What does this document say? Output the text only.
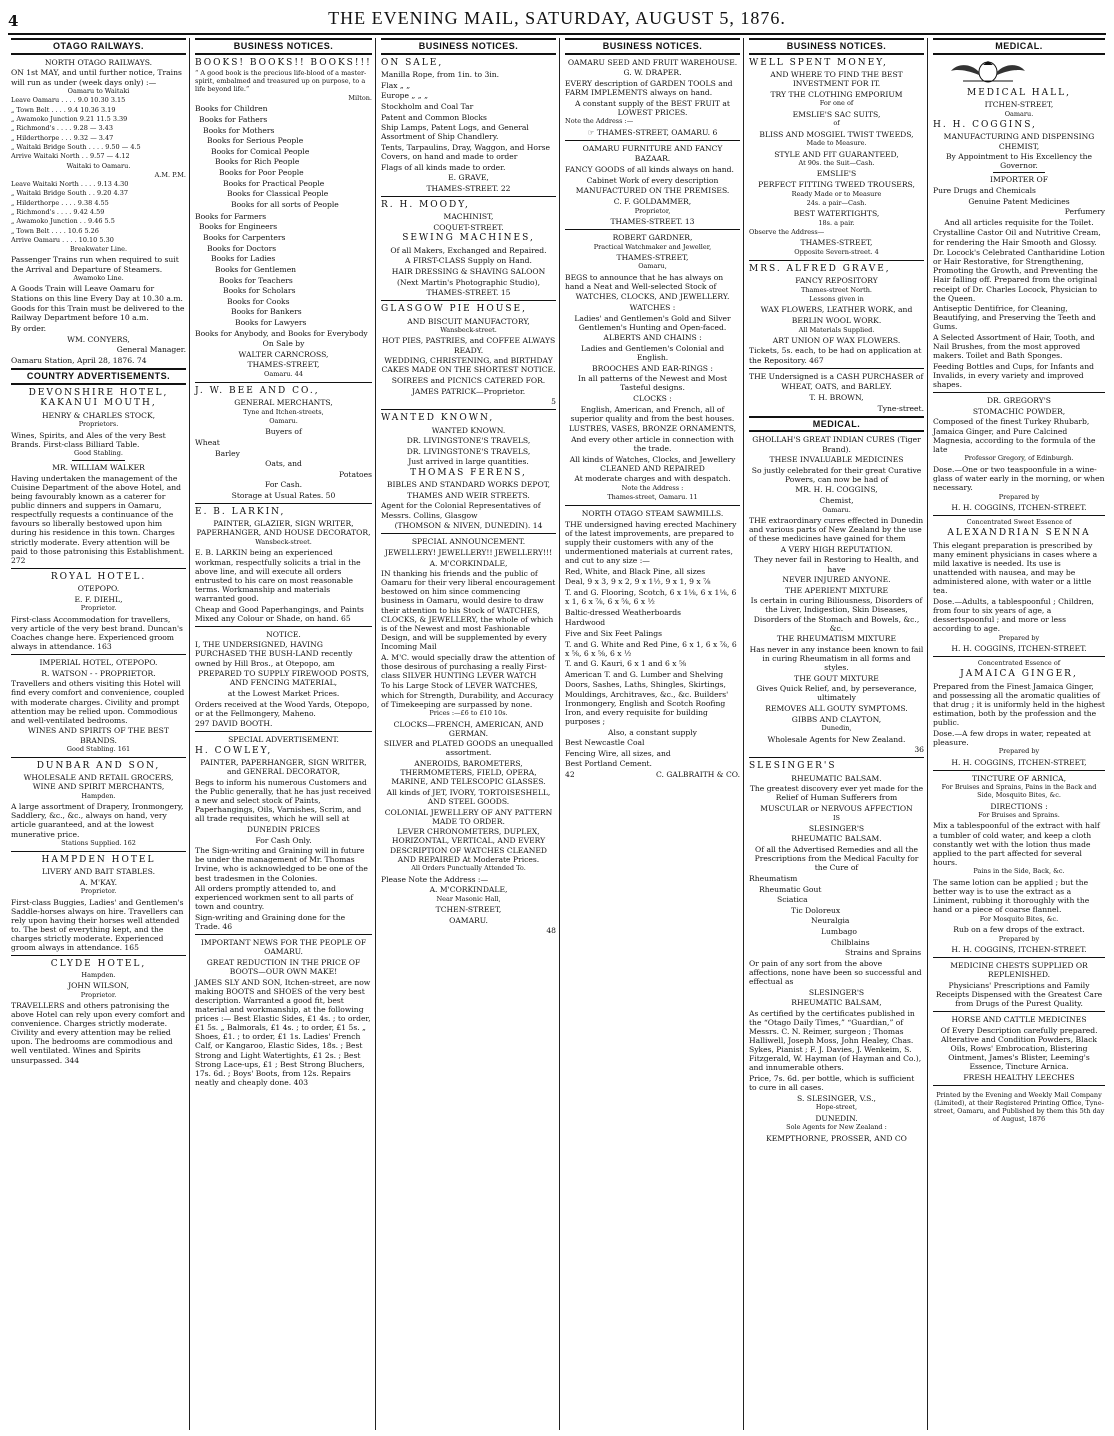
4	THE EVENING MAIL, SATURDAY, AUGUST 5, 1876.
OTAGO RAILWAYS.

NORTH OTAGO RAILWAYS.

ON 1st MAY, and until further notice, Trains will run as under (week days only) :—

Oamaru to Waitaki

Leave Oamaru . . . . 9.0 10.30 3.15

„ Town Belt . . . . 9.4 10.36 3.19

„ Awamoko Junction 9.21 11.5 3.39

„ Richmond's . . . . 9.28 — 3.43

„ Hilderthorpe . . . 9.32 — 3.47

„ Waitaki Bridge South . . . . 9.50 — 4.5

Arrive Waitaki North . . 9.57 — 4.12

Waitaki to Oamaru.

A.M. P.M.

Leave Waitaki North . . . . 9.13 4.30

„ Waitaki Bridge South . . 9.20 4.37

„ Hilderthorpe . . . . 9.38 4.55

„ Richmond's . . . . 9.42 4.59

„ Awamoko Junction . . 9.46 5.5

„ Town Belt . . . . 10.6 5.26

Arrive Oamaru . . . . 10.10 5.30

Breakwater Line.

Passenger Trains run when required to suit the Arrival and Departure of Steamers.

Awamoko Line.

A Goods Train will Leave Oamaru for Stations on this line Every Day at 10.30 a.m.

Goods for this Train must be delivered to the Railway Department before 10 a.m.

By order.

WM. CONYERS,

General Manager.

Oamaru Station, April 28, 1876. 74

COUNTRY ADVERTISEMENTS.

DEVONSHIRE HOTEL, KAKANUI MOUTH,

HENRY & CHARLES STOCK,

Proprietors.

Wines, Spirits, and Ales of the very Best Brands. First-class Billiard Table.

Good Stabling.

MR. WILLIAM WALKER

Having undertaken the management of the Cuisine Department of the above Hotel, and being favourably known as a caterer for public dinners and suppers in Oamaru, respectfully requests a continuance of the favours so liberally bestowed upon him during his residence in this town. Charges strictly moderate. Every attention will be paid to those patronising this Establishment. 272

ROYAL HOTEL.

OTEPOPO.

E. F. DIEHL,

Proprietor.

First-class Accommodation for travellers, very article of the very best brand. Duncan's Coaches change here. Experienced groom always in attendance. 163

IMPERIAL HOTEL, OTEPOPO.

R. WATSON - - PROPRIETOR.

Travellers and others visiting this Hotel will find every comfort and convenience, coupled with moderate charges. Civility and prompt attention may be relied upon. Commodious and well-ventilated bedrooms.

WINES AND SPIRITS OF THE BEST BRANDS.

Good Stabling. 161

DUNBAR AND SON,

WHOLESALE AND RETAIL GROCERS, WINE AND SPIRIT MERCHANTS,

Hampden.

A large assortment of Drapery, Ironmongery, Saddlery, &c., &c., always on hand, very article guaranteed, and at the lowest munerative price.

Stations Supplied. 162

HAMPDEN HOTEL

LIVERY AND BAIT STABLES.

A. M'KAY.

Proprietor.

First-class Buggies, Ladies' and Gentlemen's Saddle-horses always on hire. Travellers can rely upon having their horses well attended to. The best of everything kept, and the charges strictly moderate. Experienced groom always in attendance. 165

CLYDE HOTEL,

Hampden.

JOHN WILSON,

Proprietor.

TRAVELLERS and others patronising the above Hotel can rely upon every comfort and convenience. Charges strictly moderate. Civility and every attention may be relied upon. The bedrooms are commodious and well ventilated. Wines and Spirits unsurpassed. 344

BUSINESS NOTICES.

BOOKS! BOOKS!! BOOKS!!!

“ A good book is the precious life-blood of a master-spirit, embalmed and treasured up on purpose, to a life beyond life.”

Milton.

Books for Children

Books for Fathers

Books for Mothers

Books for Serious People

Books for Comical People

Books for Rich People

Books for Poor People

Books for Practical People

Books for Classical People

Books for all sorts of People

Books for Farmers

Books for Engineers

Books for Carpenters

Books for Doctors

Books for Ladies

Books for Gentlemen

Books for Teachers

Books for Scholars

Books for Cooks

Books for Bankers

Books for Lawyers

Books for Anybody, and Books for Everybody

On Sale by

WALTER CARNCROSS,

THAMES-STREET,

Oamaru. 44

J. W. BEE AND CO.,

GENERAL MERCHANTS,

Tyne and Itchen-streets,

Oamaru.

Buyers of

Wheat

Barley

Oats, and

Potatoes

For Cash.

Storage at Usual Rates. 50

E. B. LARKIN,

PAINTER, GLAZIER, SIGN WRITER, PAPERHANGER, AND HOUSE DECORATOR,

Wansbeck-street.

E. B. LARKIN being an experienced workman, respectfully solicits a trial in the above line, and will execute all orders entrusted to his care on most reasonable terms. Workmanship and materials warranted good.

Cheap and Good Paperhangings, and Paints Mixed any Colour or Shade, on hand. 65

NOTICE.

I, THE UNDERSIGNED, HAVING PURCHASED THE BUSH-LAND recently owned by Hill Bros., at Otepopo, am

PREPARED TO SUPPLY FIREWOOD POSTS, AND FENCING MATERIAL,

at the Lowest Market Prices.

Orders received at the Wood Yards, Otepopo, or at the Fellmongery, Maheno.

297 DAVID BOOTH.

SPECIAL ADVERTISEMENT.

H. COWLEY,

PAINTER, PAPERHANGER, SIGN WRITER, and GENERAL DECORATOR,

Begs to inform his numerous Customers and the Public generally, that he has just received a new and select stock of Paints, Paperhangings, Oils, Varnishes, Scrim, and all trade requisites, which he will sell at

DUNEDIN PRICES

For Cash Only.

The Sign-writing and Graining will in future be under the management of Mr. Thomas Irvine, who is acknowledged to be one of the best tradesmen in the Colonies.

All orders promptly attended to, and experienced workmen sent to all parts of town and country.

Sign-writing and Graining done for the Trade. 46

IMPORTANT NEWS FOR THE PEOPLE OF OAMARU.

GREAT REDUCTION IN THE PRICE OF BOOTS—OUR OWN MAKE!

JAMES SLY AND SON, Itchen-street, are now making BOOTS and SHOES of the very best description. Warranted a good fit, best material and workmanship, at the following prices :— Best Elastic Sides, £1 4s. ; to order, £1 5s. „ Balmorals, £1 4s. ; to order, £1 5s. „ Shoes, £1. ; to order, £1 1s. Ladies' French Calf, or Kangaroo, Elastic Sides, 18s. ; Best Strong and Light Watertights, £1 2s. ; Best Strong Lace-ups, £1 ; Best Strong Bluchers, 17s. 6d. ; Boys' Boots, from 12s. Repairs neatly and cheaply done. 403

BUSINESS NOTICES.

ON SALE,

Manilla Rope, from 1in. to 3in.

Flax „ „

Europe „ „ „

Stockholm and Coal Tar

Patent and Common Blocks

Ship Lamps, Patent Logs, and General Assortment of Ship Chandlery.

Tents, Tarpaulins, Dray, Waggon, and Horse Covers, on hand and made to order

Flags of all kinds made to order.

E. GRAVE,

THAMES-STREET. 22

R. H. MOODY,

MACHINIST,

COQUET-STREET.

SEWING MACHINES,

Of all Makers, Exchanged and Repaired.

A FIRST-CLASS Supply on Hand.

HAIR DRESSING & SHAVING SALOON

(Next Martin's Photographic Studio),

THAMES-STREET. 15

GLASGOW PIE HOUSE,

AND BISCUIT MANUFACTORY,

Wansbeck-street.

HOT PIES, PASTRIES, and COFFEE ALWAYS READY.

WEDDING, CHRISTENING, and BIRTHDAY CAKES MADE ON THE SHORTEST NOTICE.

SOIREES and PICNICS CATERED FOR.

JAMES PATRICK—Proprietor.

5

WANTED KNOWN,

WANTED KNOWN.

DR. LIVINGSTONE'S TRAVELS,

DR. LIVINGSTONE'S TRAVELS,

Just arrived in large quantities.

THOMAS FERENS,

BIBLES AND STANDARD WORKS DEPOT,

THAMES AND WEIR STREETS.

Agent for the Colonial Representatives of Messrs. Collins, Glasgow

(THOMSON & NIVEN, DUNEDIN). 14

SPECIAL ANNOUNCEMENT.

JEWELLERY! JEWELLERY!! JEWELLERY!!!

A. M'CORKINDALE,

IN thanking his friends and the public of Oamaru for their very liberal encouragement bestowed on him since commencing business in Oamaru, would desire to draw their attention to his Stock of WATCHES, CLOCKS, & JEWELLERY, the whole of which is of the Newest and most Fashionable Design, and will be supplemented by every Incoming Mail

A. M'C. would specially draw the attention of those desirous of purchasing a really First-class SILVER HUNTING LEVER WATCH

To his Large Stock of LEVER WATCHES, which for Strength, Durability, and Accuracy of Timekeeping are surpassed by none.

Prices :—£6 to £10 10s.

CLOCKS—FRENCH, AMERICAN, AND GERMAN.

SILVER and PLATED GOODS an unequalled assortment.

ANEROIDS, BAROMETERS, THERMOMETERS, FIELD, OPERA, MARINE, AND TELESCOPIC GLASSES.

All kinds of JET, IVORY, TORTOISESHELL, AND STEEL GOODS.

COLONIAL JEWELLERY OF ANY PATTERN MADE TO ORDER.

LEVER CHRONOMETERS, DUPLEX, HORIZONTAL, VERTICAL, AND EVERY DESCRIPTION OF WATCHES CLEANED AND REPAIRED At Moderate Prices.

All Orders Punctually Attended To.

Please Note the Address :—

A. M'CORKINDALE,

Near Masonic Hall,

TCHEN-STREET,

OAMARU.

48

BUSINESS NOTICES.

OAMARU SEED AND FRUIT WAREHOUSE.

G. W. DRAPER.

EVERY description of GARDEN TOOLS and FARM IMPLEMENTS always on hand.

A constant supply of the BEST FRUIT at LOWEST PRICES.

Note the Address :—

☞ THAMES-STREET, OAMARU. 6

OAMARU FURNITURE AND FANCY

BAZAAR.

FANCY GOODS of all kinds always on hand.

Cabinet Work of every description

MANUFACTURED ON THE PREMISES.

C. F. GOLDAMMER,

Proprietor,

THAMES-STREET. 13

ROBERT GARDNER,

Practical Watchmaker and Jeweller,

THAMES-STREET,

Oamaru,

BEGS to announce that he has always on hand a Neat and Well-selected Stock of

WATCHES, CLOCKS, AND JEWELLERY.

WATCHES :

Ladies' and Gentlemen's Gold and Silver Gentlemen's Hunting and Open-faced.

ALBERTS AND CHAINS :

Ladies and Gentlemen's Colonial and English.

BROOCHES AND EAR-RINGS :

In all patterns of the Newest and Most Tasteful designs.

CLOCKS :

English, American, and French, all of superior quality and from the best houses.

LUSTRES, VASES, BRONZE ORNAMENTS,

And every other article in connection with the trade.

All kinds of Watches, Clocks, and Jewellery CLEANED AND REPAIRED

At moderate charges and with despatch.

Note the Address :

Thames-street, Oamaru. 11

NORTH OTAGO STEAM SAWMILLS.

THE undersigned having erected Machinery of the latest improvements, are prepared to supply their customers with any of the undermentioned materials at current rates, and cut to any size :—

Red, White, and Black Pine, all sizes

Deal, 9 x 3, 9 x 2, 9 x 1½, 9 x 1, 9 x ⅞

T. and G. Flooring, Scotch, 6 x 1⅛, 6 x 1⅛, 6 x 1, 6 x ⅞, 6 x ⅝, 6 x ½

Baltic-dressed Weatherboards

Hardwood

Five and Six Feet Palings

T. and G. White and Red Pine, 6 x 1, 6 x ⅞, 6 x ⅝, 6 x ⅝, 6 x ½

T. and G. Kauri, 6 x 1 and 6 x ⅝

American T. and G. Lumber and Shelving

Doors, Sashes, Laths, Shingles, Skirtings, Mouldings, Architraves, &c., &c. Builders' Ironmongery, English and Scotch Roofing Iron, and every requisite for building purposes ;

Also, a constant supply

Best Newcastle Coal

Fencing Wire, all sizes, and

Best Portland Cement.

42	C. GALBRAITH & CO.

BUSINESS NOTICES.

WELL SPENT MONEY,

AND WHERE TO FIND THE BEST INVESTMENT FOR IT.

TRY THE CLOTHING EMPORIUM

For one of

EMSLIE'S SAC SUITS,

of

BLISS AND MOSGIEL TWIST TWEEDS,

Made to Measure.

STYLE AND FIT GUARANTEED,

At 90s. the Suit—Cash.

EMSLIE'S

PERFECT FITTING TWEED TROUSERS,

Ready Made or to Measure

24s. a pair—Cash.

BEST WATERTIGHTS,

18s. a pair.

Observe the Address—

THAMES-STREET,

Opposite Severn-street. 4

MRS. ALFRED GRAVE,

FANCY REPOSITORY

Thames-street North.

Lessons given in

WAX FLOWERS, LEATHER WORK, and

BERLIN WOOL WORK.

All Materials Supplied.

ART UNION OF WAX FLOWERS.

Tickets, 5s. each, to be had on application at the Repository. 467

THE Undersigned is a CASH PURCHASER of

WHEAT, OATS, and BARLEY.

T. H. BROWN,

Tyne-street.

MEDICAL.

GHOLLAH'S GREAT INDIAN CURES (Tiger Brand).

THESE INVALUABLE MEDICINES

So justly celebrated for their great Curative Powers, can now be had of

MR. H. H. COGGINS,

Chemist,

Oamaru.

THE extraordinary cures effected in Dunedin and various parts of New Zealand by the use of these medicines have gained for them

A VERY HIGH REPUTATION.

They never fail in Restoring to Health, and have

NEVER INJURED ANYONE.

THE APERIENT MIXTURE

Is certain in curing Biliousness, Disorders of the Liver, Indigestion, Skin Diseases, Disorders of the Stomach and Bowels, &c., &c.

THE RHEUMATISM MIXTURE

Has never in any instance been known to fail in curing Rheumatism in all forms and styles.

THE GOUT MIXTURE

Gives Quick Relief, and, by perseverance, ultimately

REMOVES ALL GOUTY SYMPTOMS.

GIBBS AND CLAYTON,

Dunedin,

Wholesale Agents for New Zealand.

36

SLESINGER'S

RHEUMATIC BALSAM.

The greatest discovery ever yet made for the Relief of Human Sufferers from

MUSCULAR or NERVOUS AFFECTION

IS

SLESINGER'S

RHEUMATIC BALSAM.

Of all the Advertised Remedies and all the Prescriptions from the Medical Faculty for the Cure of

Rheumatism

Rheumatic Gout

Sciatica

Tic Doloreux

Neuralgia

Lumbago

Chilblains

Strains and Sprains

Or pain of any sort from the above affections, none have been so successful and effectual as

SLESINGER'S

RHEUMATIC BALSAM,

As certified by the certificates published in the “Otago Daily Times,” “Guardian,” of Messrs. C. N. Reimer, surgeon ; Thomas Halliwell, Joseph Moss, John Healey, Chas. Sykes, Pianist ; F. J. Davies, J. Wenkeim, S. Fitzgerald, W. Hayman (of Hayman and Co.), and innumerable others.

Price, 7s. 6d. per bottle, which is sufficient to cure in all cases.

S. SLESINGER, V.S.,

Hope-street,

DUNEDIN.

Sole Agents for New Zealand :

KEMPTHORNE, PROSSER, AND CO

MEDICAL.

MEDICAL HALL,

ITCHEN-STREET,

Oamaru.

H. H. COGGINS,

MANUFACTURING AND DISPENSING CHEMIST,

By Appointment to His Excellency the Governor.

IMPORTER OF

Pure Drugs and Chemicals

Genuine Patent Medicines

Perfumery

And all articles requisite for the Toilet.

Crystalline Castor Oil and Nutritive Cream, for rendering the Hair Smooth and Glossy.

Dr. Locock's Celebrated Cantharidine Lotion or Hair Restorative, for Strengthening, Promoting the Growth, and Preventing the Hair falling off. Prepared from the original receipt of Dr. Charles Locock, Physician to the Queen.

Antiseptic Dentifrice, for Cleaning, Beautifying, and Preserving the Teeth and Gums.

A Selected Assortment of Hair, Tooth, and Nail Brushes, from the most approved makers. Toilet and Bath Sponges.

Feeding Bottles and Cups, for Infants and Invalids, in every variety and improved shapes.

DR. GREGORY'S

STOMACHIC POWDER,

Composed of the finest Turkey Rhubarb, Jamaica Ginger, and Pure Calcined Magnesia, according to the formula of the late

Professor Gregory, of Edinburgh.

Dose.—One or two teaspoonfule in a wine-glass of water early in the morning, or when necessary.

Prepared by

H. H. COGGINS, ITCHEN-STREET.

Concentrated Sweet Essence of

ALEXANDRIAN SENNA

This elegant preparation is prescribed by many eminent physicians in cases where a mild laxative is needed. Its use is unattended with nausea, and may be administered alone, with water or a little tea.

Dose.—Adults, a tablespoonful ; Children, from four to six years of age, a dessertspoonful ; and more or less according to age.

Prepared by

H. H. COGGINS, ITCHEN-STREET.

Concentrated Essence of

JAMAICA GINGER,

Prepared from the Finest Jamaica Ginger, and possessing all the aromatic qualities of that drug ; it is uniformly held in the highest estimation, both by the profession and the public.

Dose.—A few drops in water, repeated at pleasure.

Prepared by

H. H. COGGINS, ITCHEN-STREET,

TINCTURE OF ARNICA,

For Bruises and Sprains, Pains in the Back and Side, Mosquito Bites, &c.

DIRECTIONS :

For Bruises and Sprains.

Mix a tablespoonful of the extract with half a tumbler of cold water, and keep a cloth constantly wet with the lotion thus made applied to the part affected for several hours.

Pains in the Side, Back, &c.

The same lotion can be applied ; but the better way is to use the extract as a Liniment, rubbing it thoroughly with the hand or a piece of coarse flannel.

For Mosquito Bites, &c.

Rub on a few drops of the extract.

Prepared by

H. H. COGGINS, ITCHEN-STREET.

MEDICINE CHESTS SUPPLIED OR REPLENISHED.

Physicians' Prescriptions and Family Receipts Dispensed with the Greatest Care from Drugs of the Purest Quality.

HORSE AND CATTLE MEDICINES

Of Every Description carefully prepared. Alterative and Condition Powders, Black Oils, Rows' Embrocation, Blistering Ointment, James's Blister, Leeming's Essence, Tincture Arnica.

FRESH HEALTHY LEECHES

Printed by the Evening and Weekly Mail Company (Limited), at their Registered Printing Office, Tyne-street, Oamaru, and Published by them this 5th day of August, 1876
